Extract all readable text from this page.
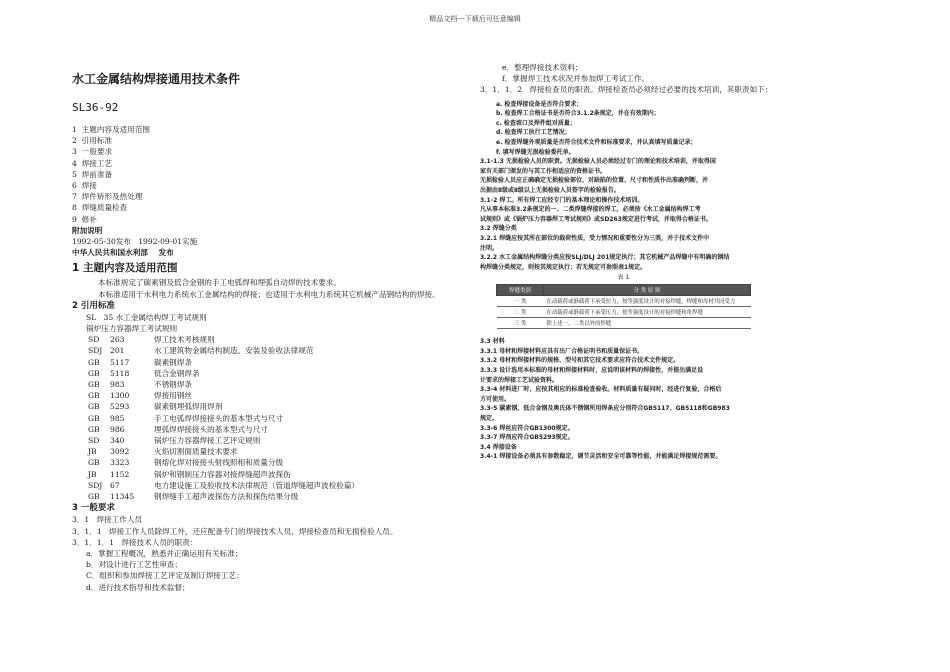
精品文档---下载后可任意编辑
水工金属结构焊接通用技术条件
SL36-92
1  主题内容及适用范围
2  引用标准
3  一般要求
4  焊接工艺
5  焊前准备
6  焊接
7  焊件矫形及热处理
8  焊缝质量检查
9  修补
附加说明
1992-05-30发布   1992-09-01实施
中华人民共和国水利部    发布
1 主题内容及适用范围
本标准规定了碳素钢及低合金钢的手工电弧焊和埋弧自动焊的技术要求。
本标准适用于水利电力系统水工金属结构的焊接；也适用于水利电力系统其它机械产品钢结构的焊接。
2 引用标准
SL   35 水工金属结构焊工考试规则
锅炉压力容器焊工考试规则
SD 263	焊工技术考核规则
SDJ 201	水工建筑物金属结构制造、安装及验收法律规范
GB 5117	碳素钢焊条
GB 5118	低合金钢焊条
GB 983	不锈钢焊条
GB 1300	焊接用钢丝
GB 5293	碳素钢埋弧焊用焊剂
GB 985	手工电弧焊焊接接头的基本型式与尺寸
GB 986	埋弧焊焊接接头的基本型式与尺寸
SD 340	锅炉压力容器焊接工艺评定规则
JB 3092	火焰切割面质量技术要求
GB 3323	钢熔化焊对接接头射线照相和质量分级
JB 1152	锅炉和钢制压力容器对接焊缝超声波探伤
SDJ 67	电力建设施工及验收技术法律规范（管道焊缝超声波检验篇）
GB 11345	钢焊缝手工超声波探伤方法和探伤结果分级
3 一般要求
3．1   焊接工作人员
3．1．1   焊接工作人员除焊工外，还应配备专门的焊接技术人员、焊接检查员和无损检验人员。
3．1．1．1   焊接技术人员的职责：
a．掌握工程概况，熟悉并正确运用有关标准；
b．对设计进行工艺性审查；
C．组织和参加焊接工艺评定及制订焊接工艺；
d．进行技术指导和技术监督；
e．整理焊接技术资料；
f．掌握焊工技术状况并参加焊工考试工作。
3．1．1．2   焊接检查员的职责。焊接检查员必须经过必要的技术培训，其职责如下：
a. 检查焊接设备是否符合要求；
b. 检查焊工合格证书是否符合3.1.2条规定，并在有效期内；
c. 检查坡口及焊件组对质量；
d. 检查焊工执行工艺情况；
e. 检查焊缝外观质量是否符合技术文件和标准要求，并认真填写质量记录；
f. 填写焊缝无损检验委托单。
3.1-1.3 无损检验人员的职责。无损检验人员必须经过专门的理论和技术培训，并取得国
家有关部门颁发的与其工作相适应的资格证书。
无损检验人员应正确确定无损检验部位，对缺陷的位置、尺寸和性质作出准确判断，并
出据由Ⅱ级或Ⅱ级以上无损检验人员签字的检验报告。
3.1-2 焊工。所有焊工应经专门的基本理论和操作技术培训。
凡从事本标准3.2条规定的一、二类焊缝焊接的焊工，必须按《水工金属结构焊工考
试规则》或《锅炉压力容器焊工考试规则》或SD263规定进行考试，并取得合格证书。
3.2 焊缝分类
3.2.1 焊缝应按其所在部位的载荷性质，受力情况和重要性分为三类，并于技术文件中
注明。
3.2.2 水工金属结构焊缝分类应按SLJ/DLJ 201规定执行；其它机械产品焊缝中有明确的钢结
构焊缝分类规定，则按其规定执行；若无规定可参照表1规定。
表 1
焊缝类别	分 类 原 则
一 类	在动载荷或静载荷下承受拉力，按等强度设计的对接焊缝，焊缝和母材共同受力
二 类	在动载荷或静载荷下承受压力，按等强度设计的对接焊缝和角焊缝
三 类	除上述一、二类以外的焊缝
3.3 材料
3.3.1 母材和焊接材料应具有出厂合格证明书和质量保证书。
3.3.2 母材和焊接材料的规格、型号和其它技术要求应符合技术文件规定。
3.3.3 设计选用本标准的母材和焊接材料时，应说明该材料的焊接性，并提出满足设
计要求的焊接工艺试验资料。
3.3-4 材料进厂时，应按其相应的标准检查验收。材料质量有疑问时，经进行复验，合格后
方可使用。
3.3-5 碳素钢、低合金钢及奥氏体不锈钢所用焊条应分别符合GB5117、GB5118和GB983
规定。
3.3-6 焊丝应符合GB1300规定。
3.3-7 焊剂应符合GB5293规定。
3.4 焊接设备
3.4-1 焊接设备必须具有参数稳定，调节灵活和安全可靠等性能，并能满足焊接规范需要。
